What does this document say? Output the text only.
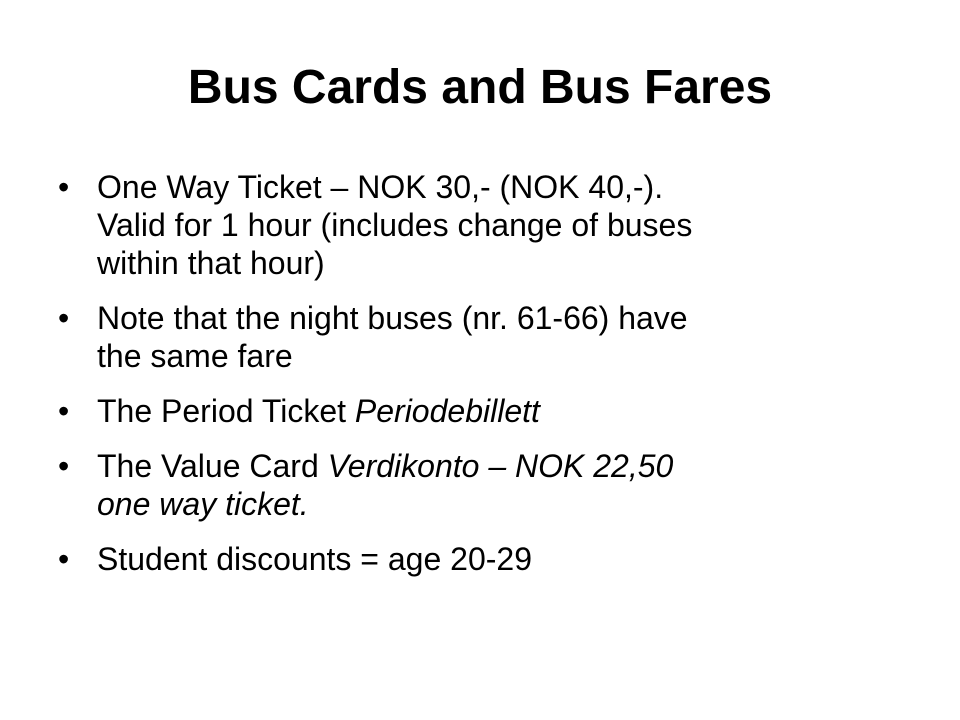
Bus Cards and Bus Fares
• One Way Ticket – NOK 30,- (NOK 40,-).
Valid for 1 hour (includes change of buses
within that hour)
• Note that the night buses (nr. 61-66) have
the same fare
• The Period Ticket Periodebillett
• The Value Card Verdikonto – NOK 22,50
one way ticket.
• Student discounts = age 20-29
